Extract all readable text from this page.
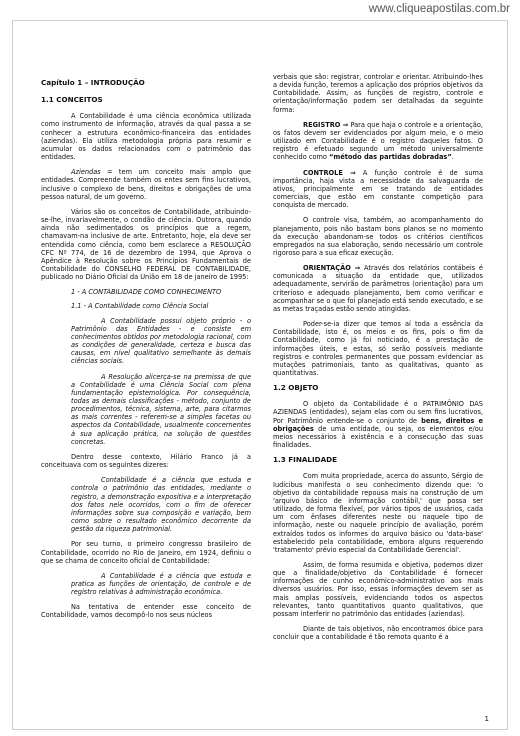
www.cliqueapostilas.com.br
Capítulo 1 – INTRODUÇÃO
1.1 CONCEITOS

A Contabilidade é uma ciência econômica utilizada como instrumento de informação, através da qual passa a se conhecer a estrutura econômico-financeira das entidades (aziendas). Ela utiliza metodologia própria para resumir e acumular os dados relacionados com o patrimônio das entidades.

Aziendas = tem um conceito mais amplo que entidades. Compreende também os entes sem fins lucrativos, inclusive o complexo de bens, direitos e obrigações de uma pessoa natural, de um governo.

Vários são os conceitos de Contabilidade, atribuindo-se-lhe, invariavelmente, o condão de ciência. Outrora, quando ainda não sedimentados os princípios que a regem, chamavam-na inclusive de arte. Entretanto, hoje, ela deve ser entendida como ciência, como bem esclarece a RESOLUÇÃO CFC Nº 774, de 16 de dezembro de 1994, que Aprova o Apêndice à Resolução sobre os Princípios Fundamentais de Contabilidade do CONSELHO FEDERAL DE CONTABILIDADE, publicado no Diário Oficial da União em 18 de janeiro de 1995:

1 - A CONTABILIDADE COMO CONHECIMENTO
1.1 - A Contabilidade como Ciência Social

A Contabilidade possui objeto próprio - o Patrimônio das Entidades - e consiste em conhecimentos obtidos por metodologia racional, com as condições de generalidade, certeza e busca das causas, em nível qualitativo semelhante às demais ciências sociais.

A Resolução alicerça-se na premissa de que a Contabilidade é uma Ciência Social com plena fundamentação epistemológica. Por consequência, todas as demais classificações - método, conjunto de procedimentos, técnica, sistema, arte, para citarmos as mais correntes - referem-se a simples facetas ou aspectos da Contabilidade, usualmente concernentes à sua aplicação prática, na solução de questões concretas.

Dentro desse contexto, Hilário Franco já a conceituava com os seguintes dizeres:

Contabilidade é a ciência que estuda e controla o patrimônio das entidades, mediante o registro, a demonstração expositiva e a interpretação dos fatos nele ocorridos, com o fim de oferecer informações sobre sua composição e variação, bem como sobre o resultado econômico decorrente da gestão da riqueza patrimonial.

Por seu turno, o primeiro congresso brasileiro de Contabilidade, ocorrido no Rio de Janeiro, em 1924, definiu o que se chama de conceito oficial de Contabilidade:

A Contabilidade é a ciência que estuda e pratica as funções de orientação, de controle e de registro relativas à administração econômica.

Na tentativa de entender esse conceito de Contabilidade, vamos decompô-lo nos seus núcleos

verbais que são: registrar, controlar e orientar. Atribuindo-lhes a devida função, teremos a aplicação dos próprios objetivos da Contabilidade. Assim, as funções de registro, controle e orientação/informação podem ser detalhadas da seguinte forma:

REGISTRO ⇒ Para que haja o controle e a orientação, os fatos devem ser evidenciados por algum meio, e o meio utilizado em Contabilidade é o registro daqueles fatos. O registro é efetuado segundo um método universalmente conhecido como “método das partidas dobradas”.

CONTROLE ⇒ A função controle é de suma importância, haja vista a necessidade da salvaguarda de ativos, principalmente em se tratando de entidades comerciais, que estão em constante competição para conquista de mercado.

O controle visa, também, ao acompanhamento do planejamento, pois não bastam bons planos se no momento da execução abandonam-se todos os critérios científicos empregados na sua elaboração, sendo necessário um controle rigoroso para a sua eficaz execução.

ORIENTAÇÃO ⇒ Através dos relatórios contábeis é comunicada a situação da entidade que, utilizados adequadamente, servirão de parâmetros (orientação) para um criterioso e adequado planejamento, bem como verificar e acompanhar se o que foi planejado está sendo executado, e se as metas traçadas estão sendo atingidas.

Poder-se-ia dizer que temos aí toda a essência da Contabilidade, isto é, os meios e os fins, pois o fim da Contabilidade, como já foi noticiado, é a prestação de informações úteis, e estas, só serão possíveis mediante registros e controles permanentes que possam evidenciar as mutações patrimoniais, tanto as qualitativas, quanto as quantitativas.

1.2 OBJETO

O objeto da Contabilidade é o PATRIMÔNIO DAS AZIENDAS (entidades), sejam elas com ou sem fins lucrativos, Por Patrimônio entende-se o conjunto de bens, direitos e obrigações de uma entidade, ou seja, os elementos e/ou meios necessários à existência e à consecução das suas finalidades.

1.3 FINALIDADE

Com muita propriedade, acerca do assunto, Sérgio de Iudícibus manifesta o seu conhecimento dizendo que: 'o objetivo da contabilidade repousa mais na construção de um 'arquivo básico de informação contábil,' que possa ser utilizado, de forma flexível, por vários tipos de usuários, cada um com ênfases diferentes neste ou naquele tipo de informação, neste ou naquele princípio de avaliação, porém extraídos todos os informes do arquivo básico ou 'data-base' estabelecido pela contabilidade, embora alguns requerendo 'tratamento' prévio especial da Contabilidade Gerencial'.

Assim, de forma resumida e objetiva, podemos dizer que a finalidade/objetivo da Contabilidade é fornecer informações de cunho econômico-administrativo aos mais diversos usuários. Por isso, essas informações devem ser as mais amplas possíveis, evidenciando todos os aspectos relevantes, tanto quantitativos quanto qualitativos, que possam interferir no patrimônio das entidades (aziendas).

Diante de tais objetivos, não encontramos óbice para concluir que a contabilidade é tão remota quanto é a

1
